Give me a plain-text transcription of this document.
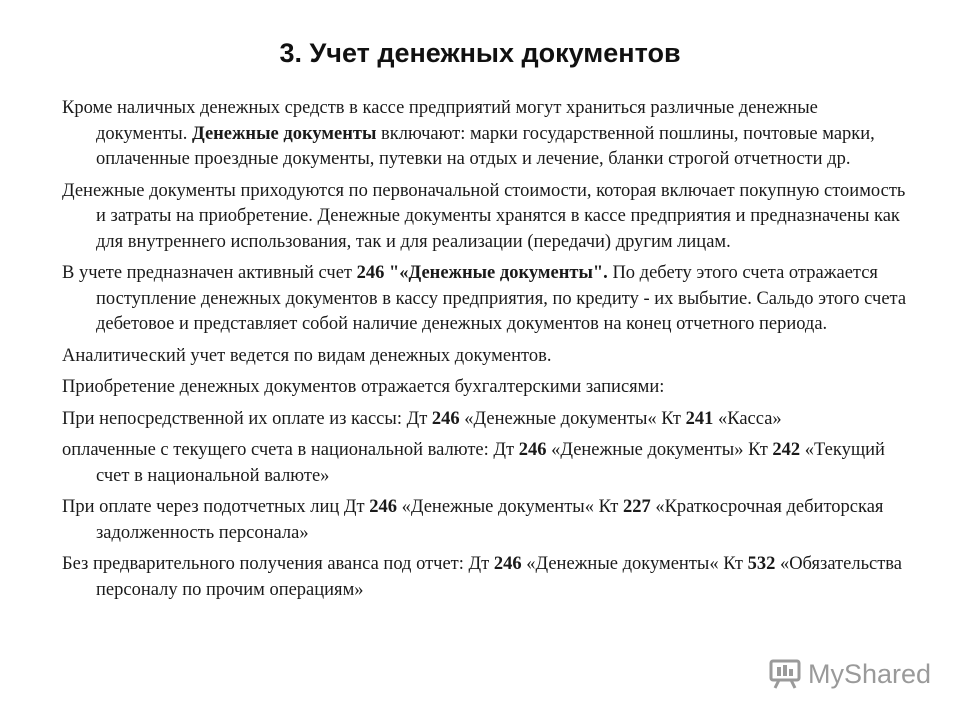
3. Учет денежных документов

Кроме наличных денежных средств в кассе предприятий могут храниться различные денежные документы. Денежные документы включают: марки государственной пошлины, почтовые марки, оплаченные проездные документы, путевки на отдых и лечение, бланки строгой отчетности др.

Денежные документы приходуются по первоначальной стоимости, которая включает покупную стоимость и затраты на приобретение. Денежные документы хранятся в кассе предприятия и предназначены как для внутреннего использования, так и для реализации (передачи) другим лицам.

В учете предназначен активный счет 246 "«Денежные документы". По дебету этого счета отражается поступление денежных документов в кассу предприятия, по кредиту - их выбытие. Сальдо этого счета дебетовое и представляет собой наличие денежных документов на конец отчетного периода.

Аналитический учет ведется по видам денежных документов.

Приобретение денежных документов отражается бухгалтерскими записями:

При непосредственной их оплате из кассы: Дт 246 «Денежные документы« Кт 241 «Касса»

оплаченные с текущего счета в национальной валюте: Дт 246 «Денежные документы» Кт 242 «Текущий счет в национальной валюте»

При оплате через подотчетных лиц Дт 246 «Денежные документы« Кт 227 «Краткосрочная дебиторская задолженность персонала»

Без предварительного получения аванса под отчет: Дт 246 «Денежные документы« Кт 532 «Обязательства персоналу по прочим операциям»

MyShared
